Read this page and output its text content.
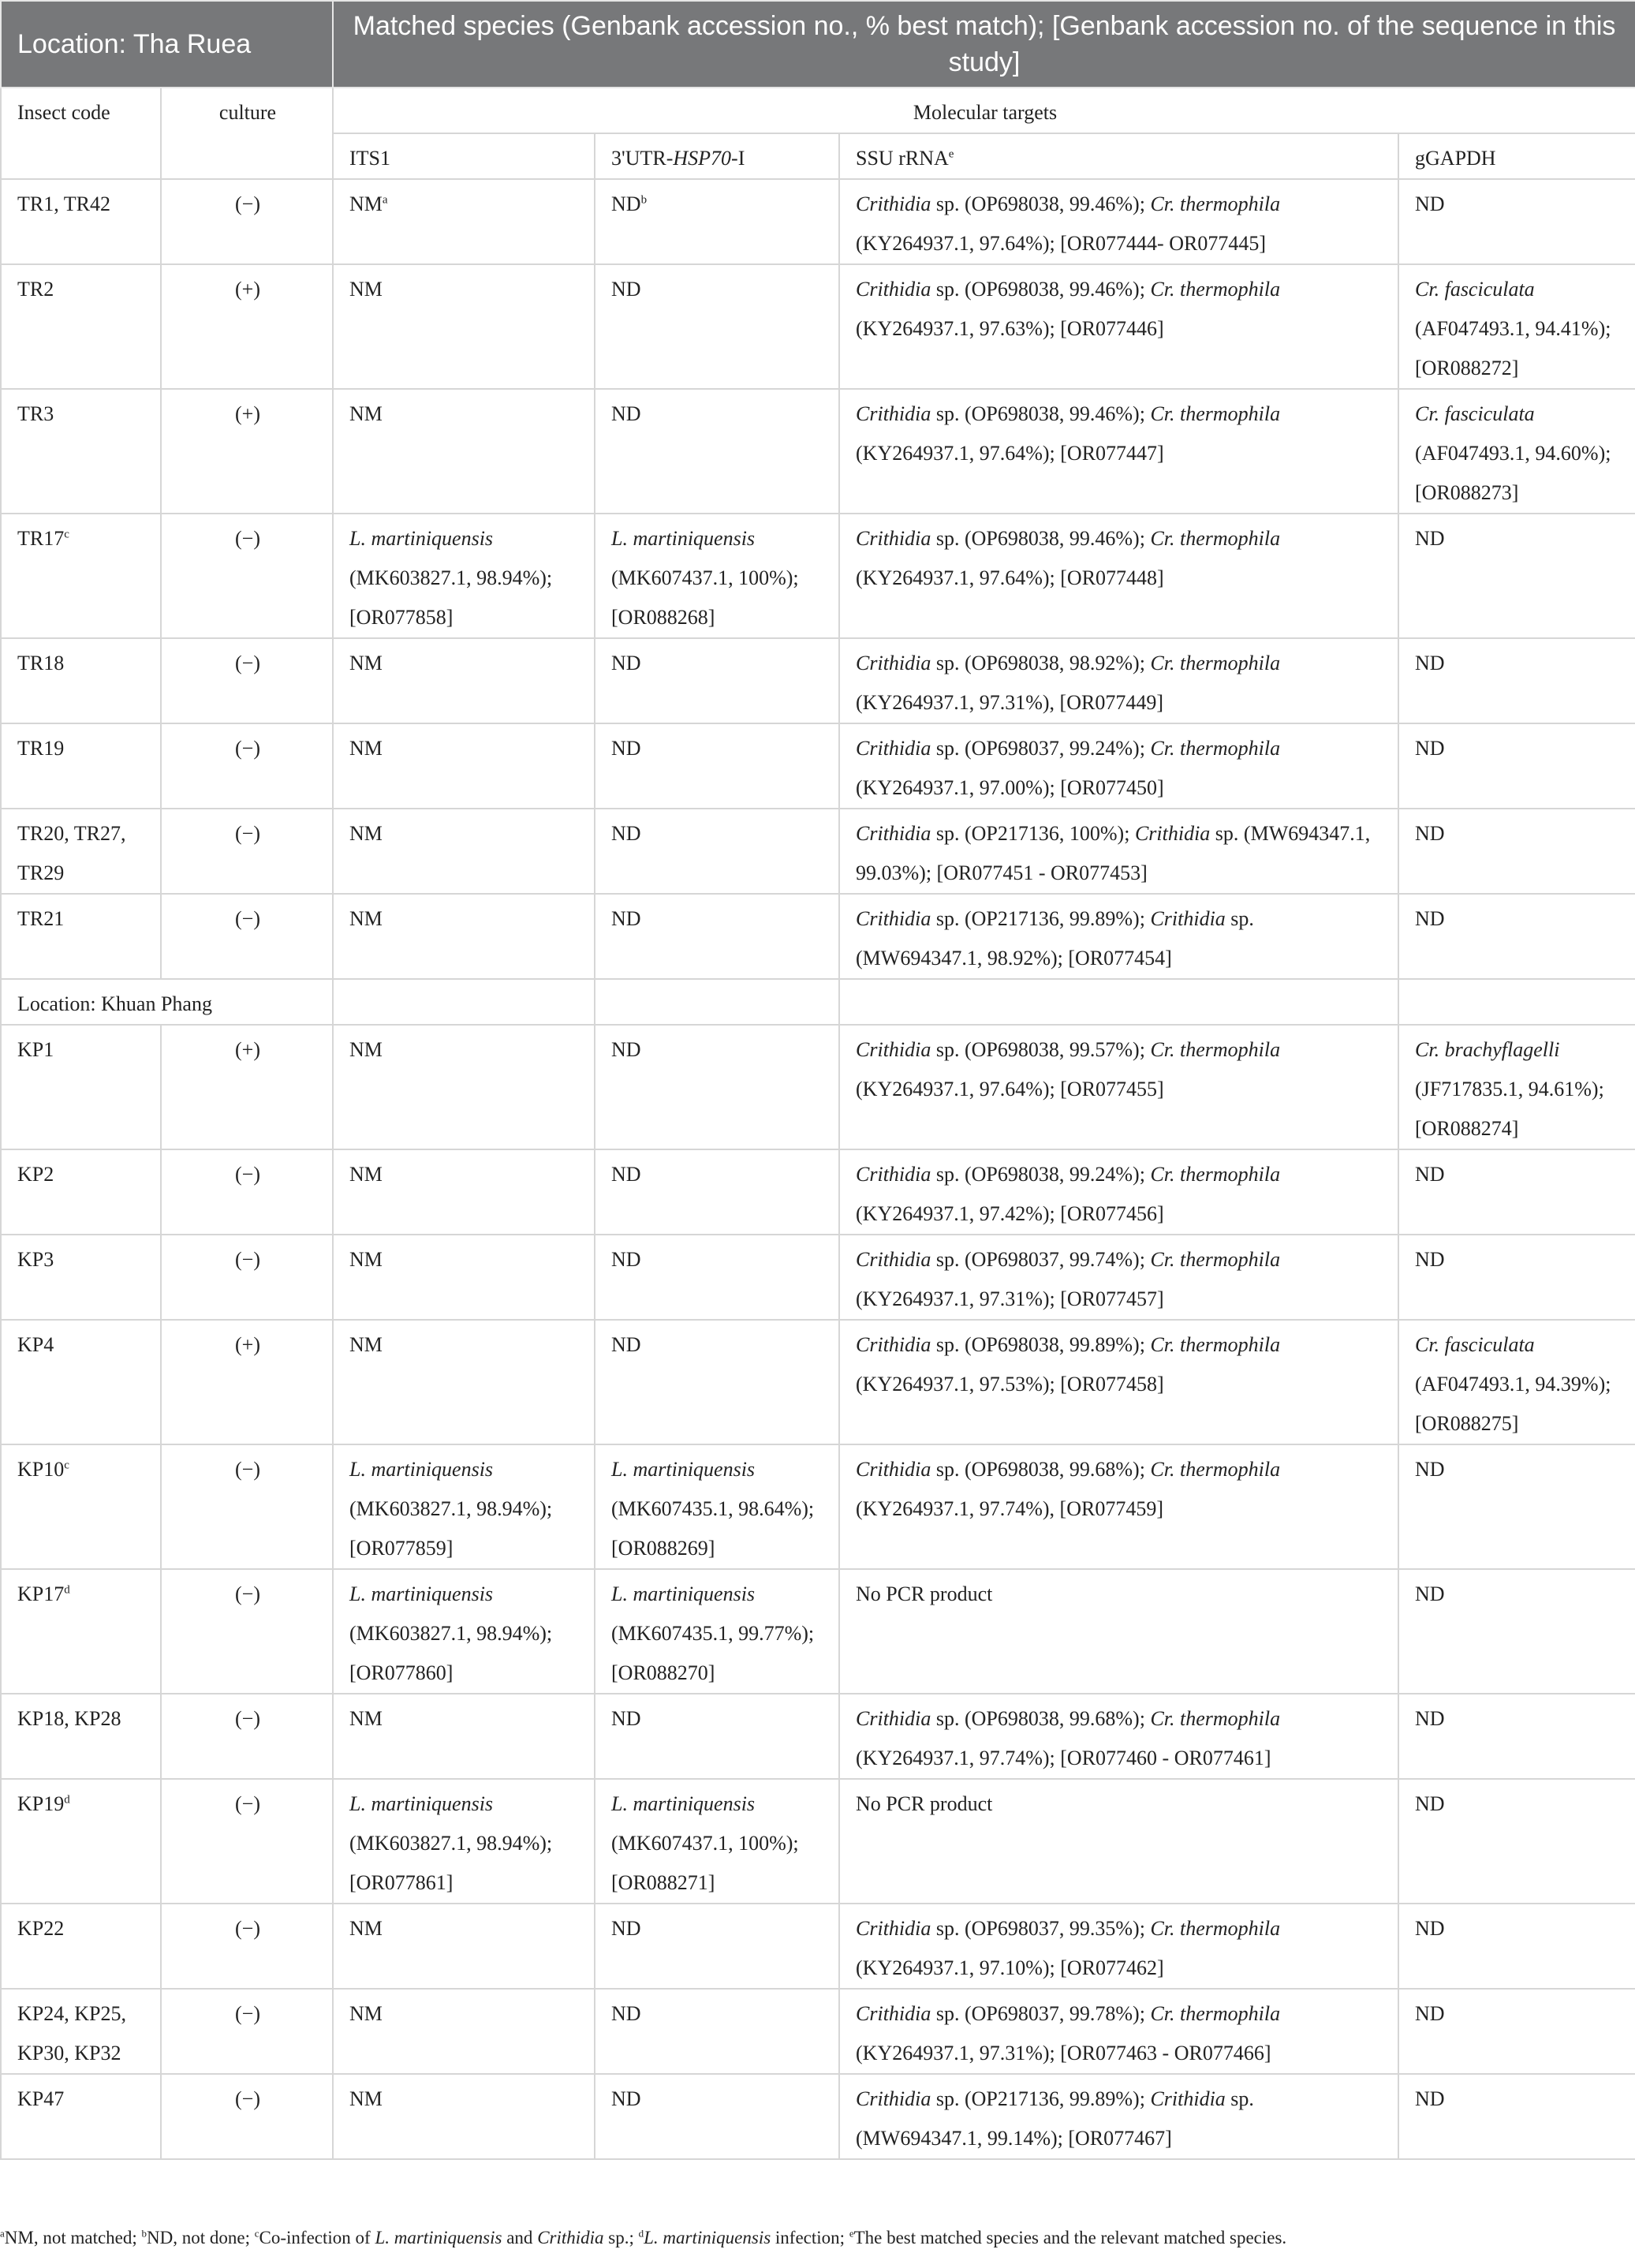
Location: Tha Ruea		Matched species (Genbank accession no., % best match); [Genbank accession no. of the sequence in this study]			
Insect code	culture	Molecular targets			
		ITS1	3'UTR-HSP70-I	SSU rRNA$^e$	gGAPDH
TR1, TR42	(−)	$NM^a$	$ND^b$	Crithidia sp. (OP698038, 99.46%); Cr. thermophila (KY264937.1, 97.64%); [OR077444- OR077445]	ND
TR2	(+)	NM	ND	Crithidia sp. (OP698038, 99.46%); Cr. thermophila (KY264937.1, 97.63%); [OR077446]	Cr. fasciculata (AF047493.1, 94.41%); [OR088272]
TR3	(+)	NM	ND	Crithidia sp. (OP698038, 99.46%); Cr. thermophila (KY264937.1, 97.64%); [OR077447]	Cr. fasciculata (AF047493.1, 94.60%); [OR088273]
TR17$^c$	(−)	L. martiniquensis (MK603827.1, 98.94%); [OR077858]	L. martiniquensis (MK607437.1, 100%); [OR088268]	Crithidia sp. (OP698038, 99.46%); Cr. thermophila (KY264937.1, 97.64%); [OR077448]	ND
TR18	(−)	NM	ND	Crithidia sp. (OP698038, 98.92%); Cr. thermophila (KY264937.1, 97.31%), [OR077449]	ND
TR19	(−)	NM	ND	Crithidia sp. (OP698037, 99.24%); Cr. thermophila (KY264937.1, 97.00%); [OR077450]	ND
TR20, TR27, TR29	(−)	NM	ND	Crithidia sp. (OP217136, 100%); Crithidia sp. (MW694347.1, 99.03%); [OR077451 - OR077453]	ND
TR21	(−)	NM	ND	Crithidia sp. (OP217136, 99.89%); Crithidia sp. (MW694347.1, 98.92%); [OR077454]	ND
Location: Khuan Phang					
KP1	(+)	NM	ND	Crithidia sp. (OP698038, 99.57%); Cr. thermophila (KY264937.1, 97.64%); [OR077455]	Cr. brachyflagelli (JF717835.1, 94.61%); [OR088274]
KP2	(−)	NM	ND	Crithidia sp. (OP698038, 99.24%); Cr. thermophila (KY264937.1, 97.42%); [OR077456]	ND
KP3	(−)	NM	ND	Crithidia sp. (OP698037, 99.74%); Cr. thermophila (KY264937.1, 97.31%); [OR077457]	ND
KP4	(+)	NM	ND	Crithidia sp. (OP698038, 99.89%); Cr. thermophila (KY264937.1, 97.53%); [OR077458]	Cr. fasciculata (AF047493.1, 94.39%); [OR088275]
KP10$^c$	(−)	L. martiniquensis (MK603827.1, 98.94%); [OR077859]	L. martiniquensis (MK607435.1, 98.64%); [OR088269]	Crithidia sp. (OP698038, 99.68%); Cr. thermophila (KY264937.1, 97.74%), [OR077459]	ND
KP17$^d$	(−)	L. martiniquensis (MK603827.1, 98.94%); [OR077860]	L. martiniquensis (MK607435.1, 99.77%); [OR088270]	No PCR product	ND
KP18, KP28	(−)	NM	ND	Crithidia sp. (OP698038, 99.68%); Cr. thermophila (KY264937.1, 97.74%); [OR077460 - OR077461]	ND
KP19$^d$	(−)	L. martiniquensis (MK603827.1, 98.94%); [OR077861]	L. martiniquensis (MK607437.1, 100%); [OR088271]	No PCR product	ND
KP22	(−)	NM	ND	Crithidia sp. (OP698037, 99.35%); Cr. thermophila (KY264937.1, 97.10%); [OR077462]	ND
KP24, KP25, KP30, KP32	(−)	NM	ND	Crithidia sp. (OP698037, 99.78%); Cr. thermophila (KY264937.1, 97.31%); [OR077463 - OR077466]	ND
KP47	(−)	NM	ND	Crithidia sp. (OP217136, 99.89%); Crithidia sp. (MW694347.1, 99.14%); [OR077467]	ND
$^a$NM, not matched; $^b$ND, not done; $^c$Co-infection of L. martiniquensis and Crithidia sp.; $^d$L. martiniquensis infection; $^e$The best matched species and the relevant matched species.
